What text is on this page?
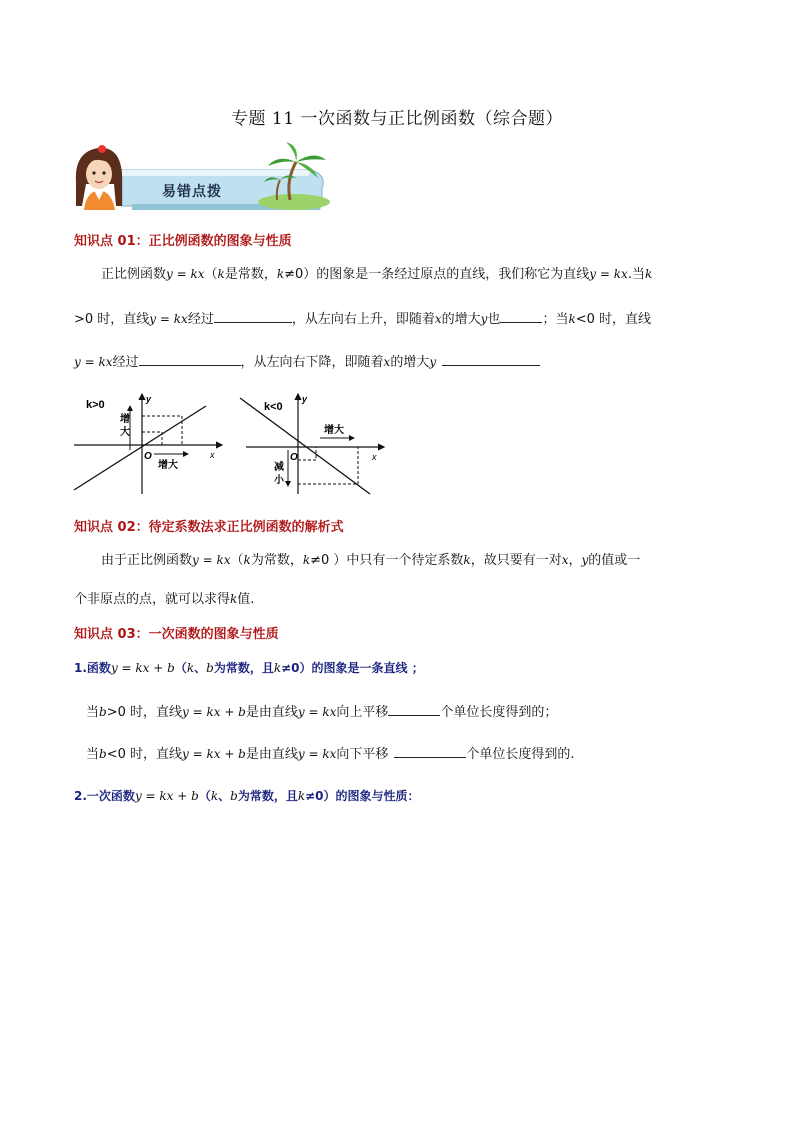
专题 11 一次函数与正比例函数（综合题）
易错点拨
知识点 01：正比例函数的图象与性质
正比例函数y = kx（k是常数，k≠0）的图象是一条经过原点的直线，我们称它为直线y = kx.当k
>0 时，直线y = kx经过	，从左向右上升，即随着x的增大y也	；当k<0 时，直线
y = kx经过	，从左向右下降，即随着x的增大y
k>0	y
x
O
增
大
增大
k<0
y
x
O
减
小
增大
知识点 02：待定系数法求正比例函数的解析式
由于正比例函数y = kx（k为常数，k≠0 ）中只有一个待定系数k，故只要有一对x，y的值或一
个非原点的点，就可以求得k值.
知识点 03：一次函数的图象与性质
1.函数y = kx + b（k、b为常数，且k≠0）的图象是一条直线 ；
当b>0 时，直线y = kx + b是由直线y = kx向上平移	个单位长度得到的；
当b<0 时，直线y = kx + b是由直线y = kx向下平移	个单位长度得到的.
2.一次函数y = kx + b（k、b为常数，且k≠0）的图象与性质：
